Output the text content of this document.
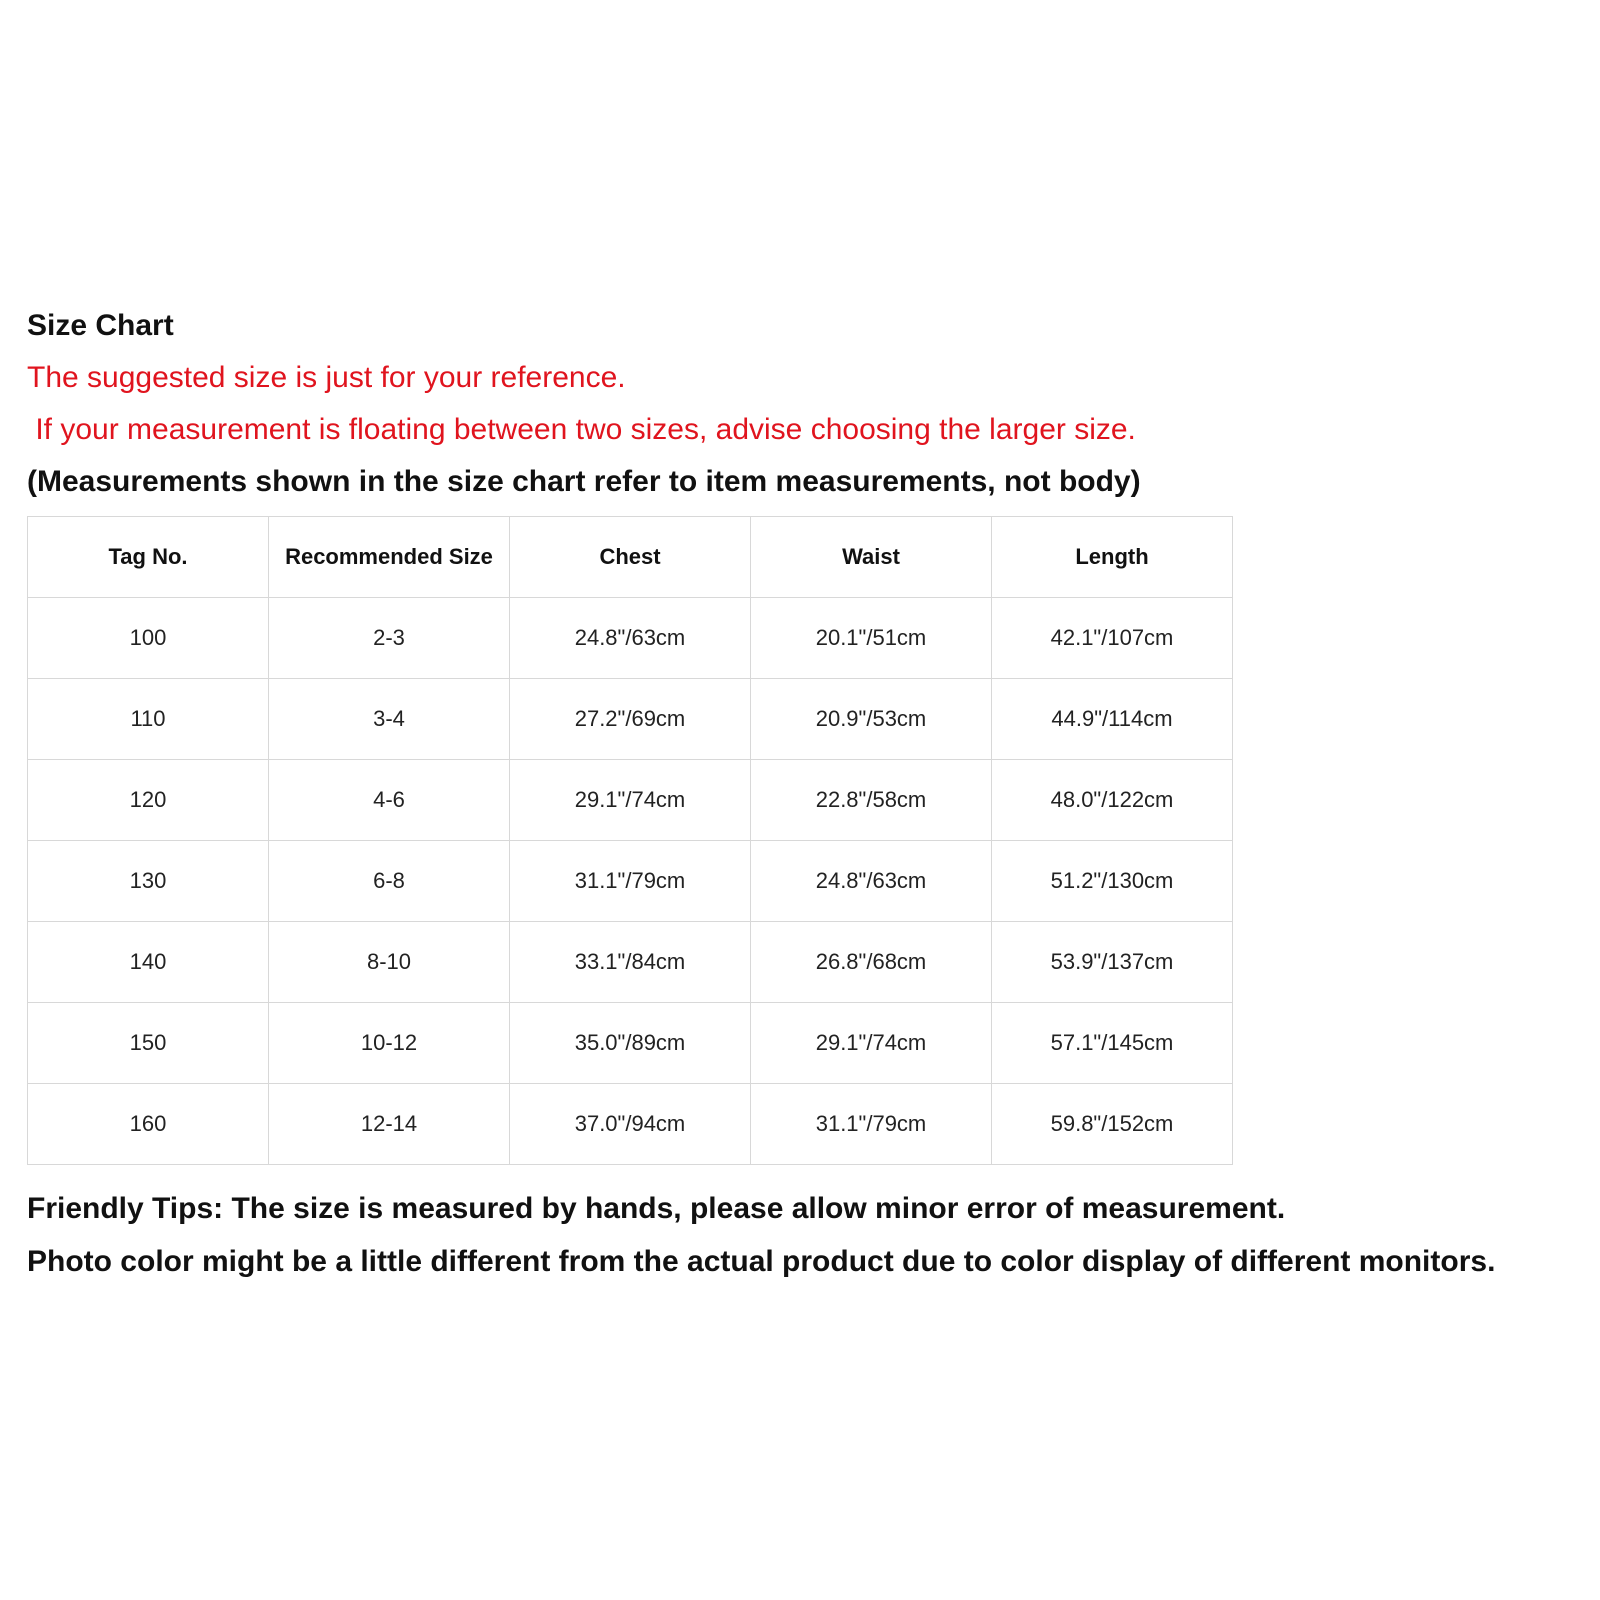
Size Chart
The suggested size is just for your reference.
If your measurement is floating between two sizes, advise choosing the larger size.
(Measurements shown in the size chart refer to item measurements, not body)
Tag No.	Recommended Size	Chest	Waist	Length
100	2-3	24.8"/63cm	20.1"/51cm	42.1"/107cm
110	3-4	27.2"/69cm	20.9"/53cm	44.9"/114cm
120	4-6	29.1"/74cm	22.8"/58cm	48.0"/122cm
130	6-8	31.1"/79cm	24.8"/63cm	51.2"/130cm
140	8-10	33.1"/84cm	26.8"/68cm	53.9"/137cm
150	10-12	35.0"/89cm	29.1"/74cm	57.1"/145cm
160	12-14	37.0"/94cm	31.1"/79cm	59.8"/152cm
Friendly Tips: The size is measured by hands, please allow minor error of measurement.
Photo color might be a little different from the actual product due to color display of different monitors.
